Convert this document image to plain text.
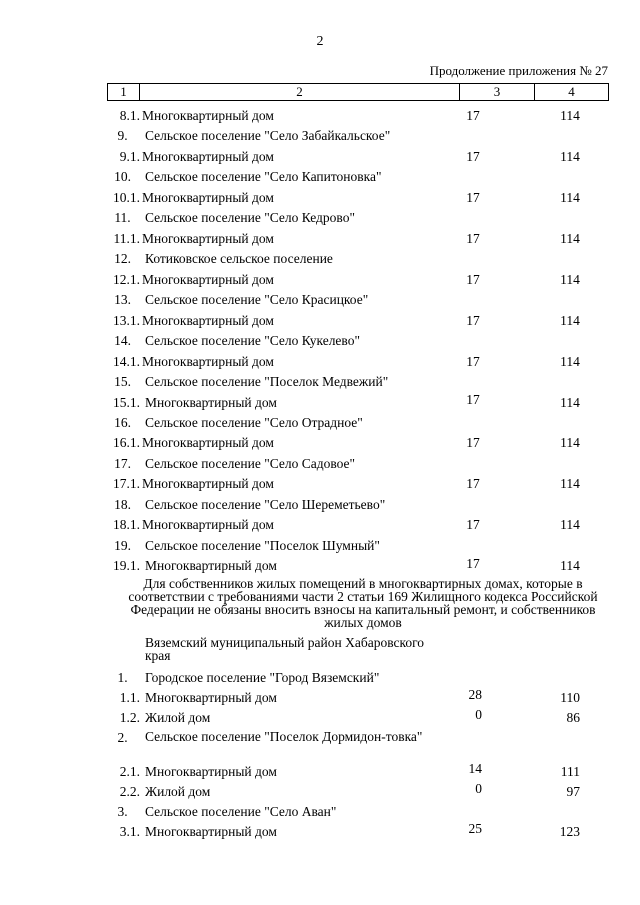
2
Продолжение приложения № 27
1	2	3	4
8.1. Многоквартирный дом	17	114
9.	Сельское поселение "Село Забайкальское"
9.1. Многоквартирный дом	17	114
10.	Сельское поселение "Село Капитоновка"
10.1. Многоквартирный дом	17	114
11.	Сельское поселение "Село Кедрово"
11.1. Многоквартирный дом	17	114
12.	Котиковское сельское поселение
12.1. Многоквартирный дом	17	114
13.	Сельское поселение "Село Красицкое"
13.1. Многоквартирный дом	17	114
14.	Сельское поселение "Село Кукелево"
14.1. Многоквартирный дом	17	114
15.	Сельское поселение "Поселок Медвежий"
15.1. Многоквартирный дом	17	114
16.	Сельское поселение "Село Отрадное"
16.1. Многоквартирный дом	17	114
17.	Сельское поселение "Село Садовое"
17.1. Многоквартирный дом	17	114
18.	Сельское поселение "Село Шереметьево"
18.1. Многоквартирный дом	17	114
19.	Сельское поселение "Поселок Шумный"
19.1. Многоквартирный дом	17	114
1.	Городское поселение "Город Вяземский"
1.1. Многоквартирный дом	28	110
1.2. Жилой дом	0	86
2.	Сельское поселение "Поселок Дормидон-товка"
2.1. Многоквартирный дом	14	111
2.2. Жилой дом	0	97
3.	Сельское поселение "Село Аван"
3.1. Многоквартирный дом	25	123
Вяземский муниципальный район Хабаровского края
Для собственников жилых помещений в многоквартирных домах, которые в соответствии с требованиями части 2 статьи 169 Жилищного кодекса Российской Федерации не обязаны вносить взносы на капитальный ремонт, и собственников жилых домов
